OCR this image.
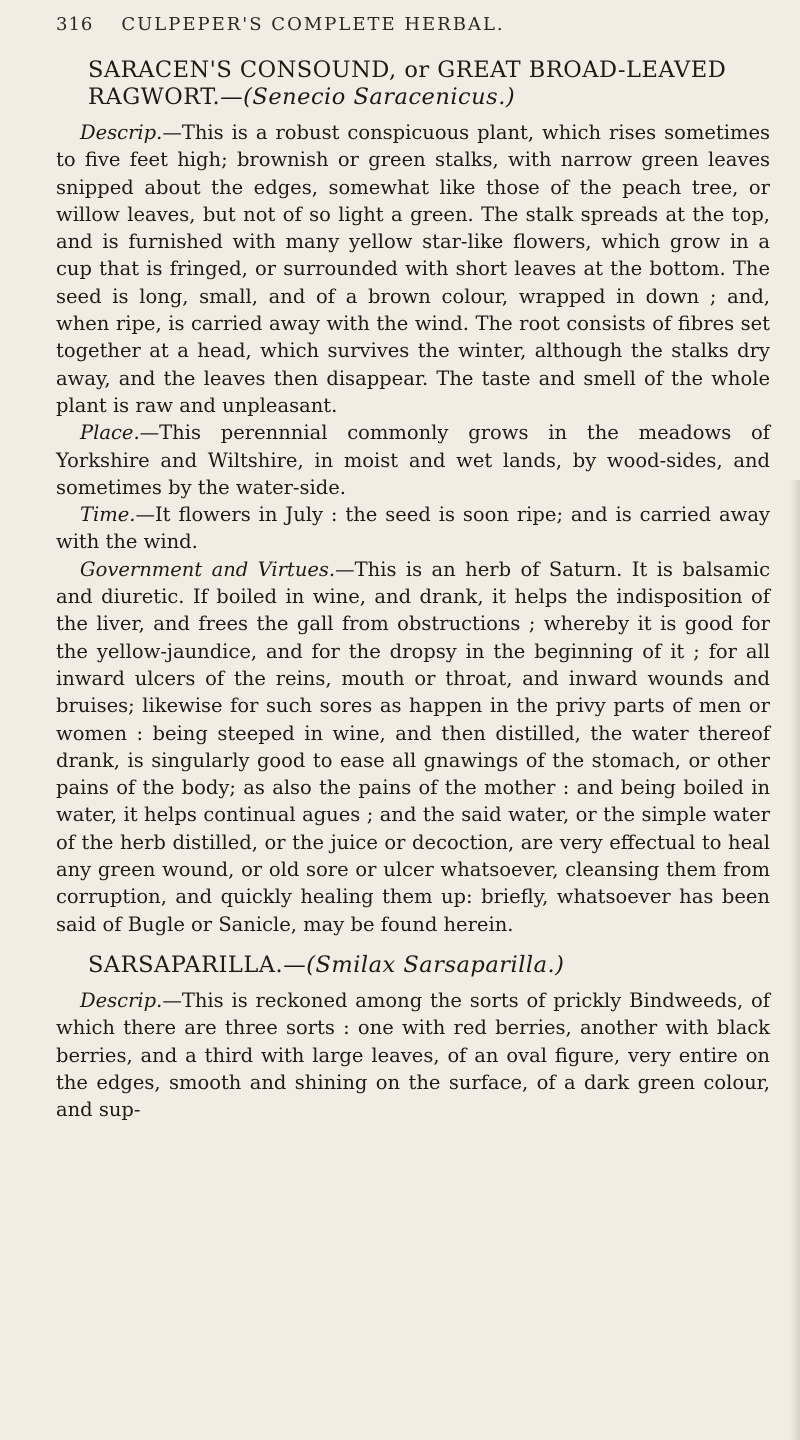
316 CULPEPER'S COMPLETE HERBAL.
SARACEN'S CONSOUND, or GREAT BROAD-LEAVED RAGWORT.—(Senecio Saracenicus.)

Descrip.—This is a robust conspicuous plant, which rises sometimes to five feet high; brownish or green stalks, with narrow green leaves snipped about the edges, somewhat like those of the peach tree, or willow leaves, but not of so light a green. The stalk spreads at the top, and is furnished with many yellow star-like flowers, which grow in a cup that is fringed, or surrounded with short leaves at the bottom. The seed is long, small, and of a brown colour, wrapped in down ; and, when ripe, is carried away with the wind. The root consists of fibres set together at a head, which survives the winter, although the stalks dry away, and the leaves then disappear. The taste and smell of the whole plant is raw and unpleasant.

Place.—This perennnial commonly grows in the meadows of Yorkshire and Wiltshire, in moist and wet lands, by wood-sides, and sometimes by the water-side.

Time.—It flowers in July : the seed is soon ripe; and is carried away with the wind.

Government and Virtues.—This is an herb of Saturn. It is balsamic and diuretic. If boiled in wine, and drank, it helps the indisposition of the liver, and frees the gall from obstructions ; whereby it is good for the yellow-jaundice, and for the dropsy in the beginning of it ; for all inward ulcers of the reins, mouth or throat, and inward wounds and bruises; likewise for such sores as happen in the privy parts of men or women : being steeped in wine, and then distilled, the water thereof drank, is singularly good to ease all gnawings of the stomach, or other pains of the body; as also the pains of the mother : and being boiled in water, it helps continual agues ; and the said water, or the simple water of the herb distilled, or the juice or decoction, are very effectual to heal any green wound, or old sore or ulcer whatsoever, cleansing them from corruption, and quickly healing them up: briefly, whatsoever has been said of Bugle or Sanicle, may be found herein.

SARSAPARILLA.—(Smilax Sarsaparilla.)

Descrip.—This is reckoned among the sorts of prickly Bindweeds, of which there are three sorts : one with red berries, another with black berries, and a third with large leaves, of an oval figure, very entire on the edges, smooth and shining on the surface, of a dark green colour, and sup-
